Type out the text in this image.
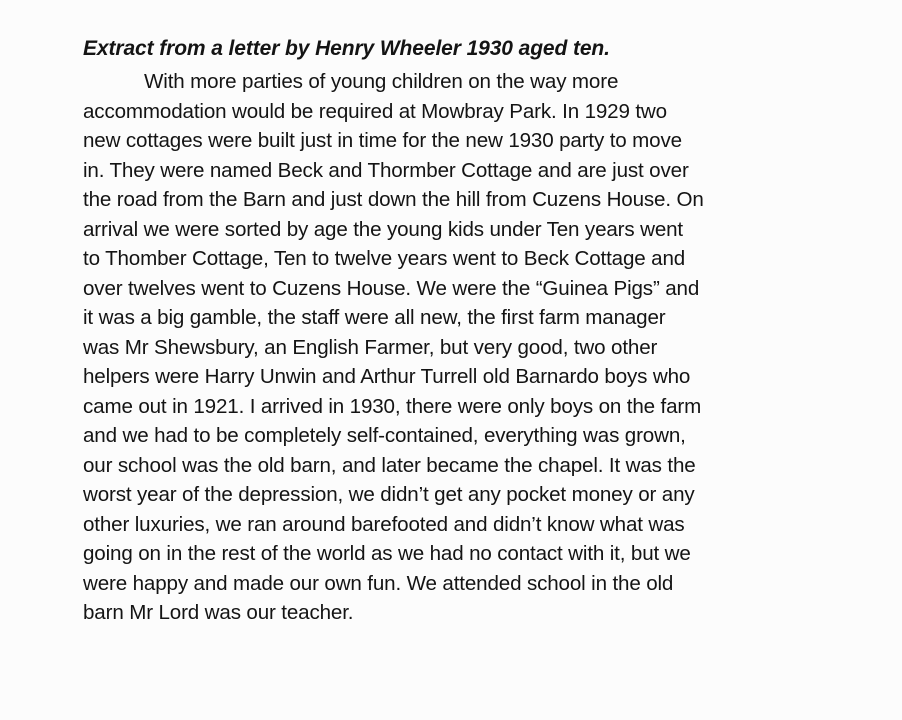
Extract from a letter by Henry Wheeler 1930 aged ten.
With more parties of young children on the way more
accommodation would be required at Mowbray Park. In 1929 two
new cottages were built just in time for the new 1930 party to move
in. They were named Beck and Thormber Cottage and are just over
the road from the Barn and just down the hill from Cuzens House. On
arrival we were sorted by age the young kids under Ten years went
to Thomber Cottage, Ten to twelve years went to Beck Cottage and
over twelves went to Cuzens House. We were the “Guinea Pigs” and
it was a big gamble, the staff were all new, the first farm manager
was Mr Shewsbury, an English Farmer, but very good, two other
helpers were Harry Unwin and Arthur Turrell old Barnardo boys who
came out in 1921. I arrived in 1930, there were only boys on the farm
and we had to be completely self-contained, everything was grown,
our school was the old barn, and later became the chapel. It was the
worst year of the depression, we didn’t get any pocket money or any
other luxuries, we ran around barefooted and didn’t know what was
going on in the rest of the world as we had no contact with it, but we
were happy and made our own fun. We attended school in the old
barn Mr Lord was our teacher.
